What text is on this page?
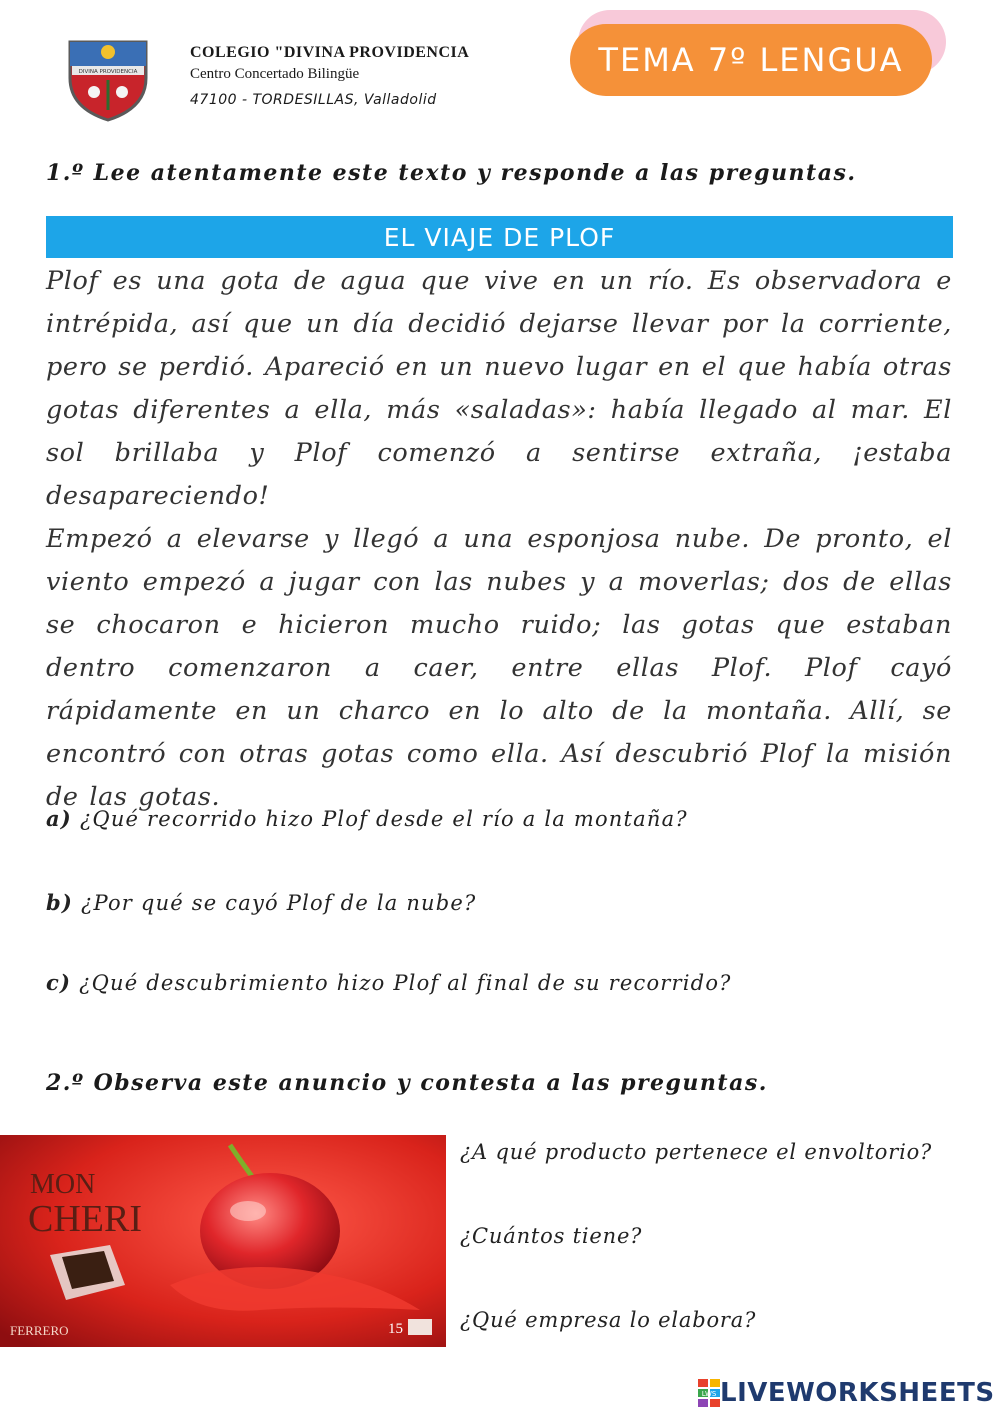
DIVINA PROVIDENCIA
COLEGIO "DIVINA PROVIDENCIA
Centro Concertado Bilingüe
47100 - TORDESILLAS, Valladolid
TEMA 7º LENGUA
1.º Lee atentamente este texto y responde a las preguntas.
EL VIAJE DE PLOF

Plof es una gota de agua que vive en un río. Es observadora e intrépida, así que un día decidió dejarse llevar por la corriente, pero se perdió. Apareció en un nuevo lugar en el que había otras gotas diferentes a ella, más «saladas»: había llegado al mar. El sol brillaba y Plof comenzó a sentirse extraña, ¡estaba desapareciendo!

Empezó a elevarse y llegó a una esponjosa nube. De pronto, el viento empezó a jugar con las nubes y a moverlas; dos de ellas se chocaron e hicieron mucho ruido; las gotas que estaban dentro comenzaron a caer, entre ellas Plof. Plof cayó rápidamente en un charco en lo alto de la montaña. Allí, se encontró con otras gotas como ella. Así descubrió Plof la misión de las gotas.

a) ¿Qué recorrido hizo Plof desde el río a la montaña?
b) ¿Por qué se cayó Plof de la nube?
c) ¿Qué descubrimiento hizo Plof al final de su recorrido?
2.º Observa este anuncio y contesta a las preguntas.
MON
CHERI
FERRERO	15
¿A qué producto pertenece el envoltorio?
¿Cuántos tiene?
¿Qué empresa lo elabora?
LWS LIVEWORKSHEETS
